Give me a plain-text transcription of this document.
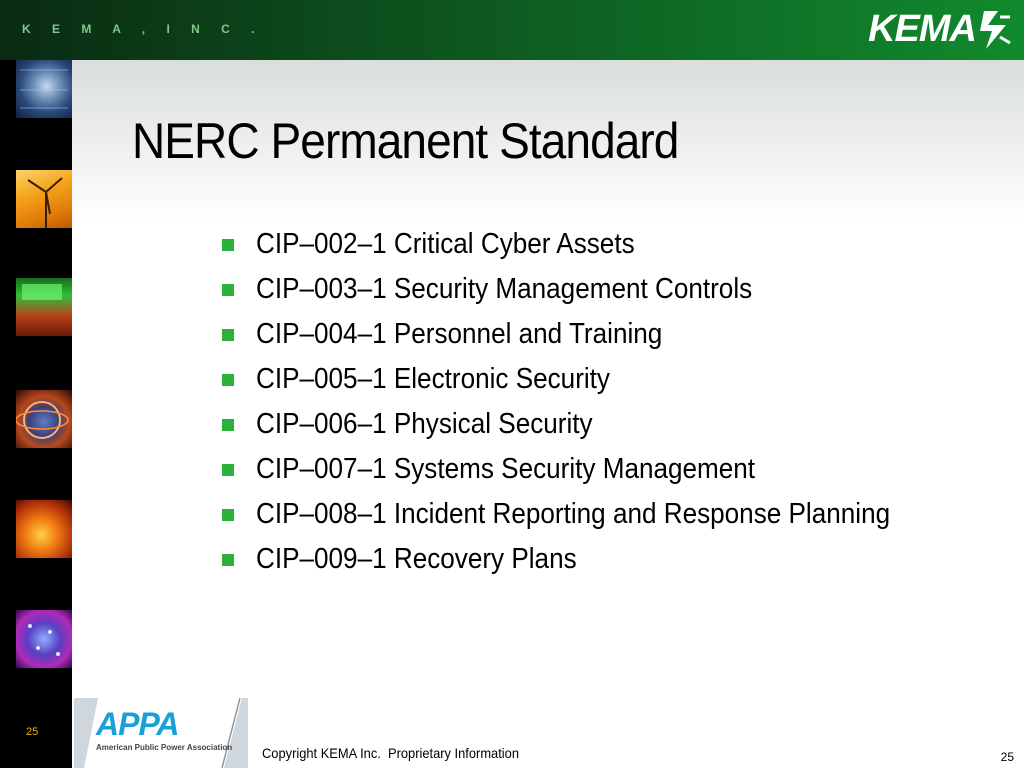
K E M A , I N C .	KEMA
25
NERC Permanent Standard
CIP–002–1 Critical Cyber Assets
CIP–003–1 Security Management Controls
CIP–004–1 Personnel and Training
CIP–005–1 Electronic Security
CIP–006–1 Physical Security
CIP–007–1 Systems Security Management
CIP–008–1 Incident Reporting and Response Planning
CIP–009–1 Recovery Plans
APPA
American Public Power Association Copyright KEMA Inc.  Proprietary Information	25
